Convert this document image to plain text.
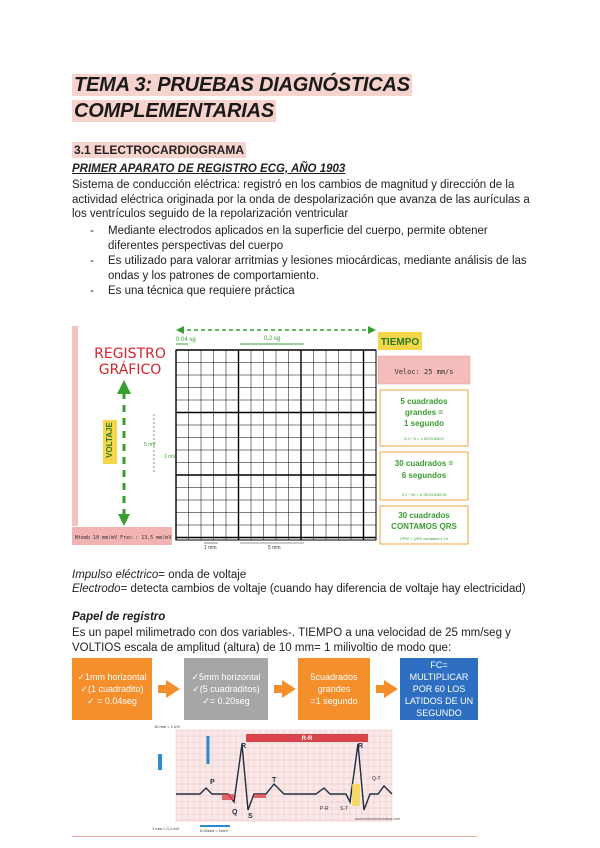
TEMA 3: PRUEBAS DIAGNÓSTICAS
COMPLEMENTARIAS
3.1 ELECTROCARDIOGRAMA
PRIMER APARATO DE REGISTRO ECG, AÑO 1903
Sistema de conducción eléctrica: registró en los cambios de magnitud y dirección de la
actividad eléctrica originada por la onda de despolarización que avanza de las aurículas a
los ventrículos seguido de la repolarización ventricular
- Mediante electrodos aplicados en la superficie del cuerpo, permite obtener diferentes perspectivas del cuerpo
- Es utilizado para valorar arritmias y lesiones miocárdicas, mediante análisis de las ondas y los patrones de comportamiento.
- Es una técnica que requiere práctica
Ntemb 10 mm/mV Frec.: 13,5 mm/mV
REGISTRO
GRÁFICO
VOLTAJE
0.04 sg	0,2 sg
5 mV
1 mV
1 mm	5 mm
TIEMPO
Veloc: 25 mm/s
5 cuadrados
grandes =
1 segundo
0,2 * 5 = 1 SEGUNDO
30 cuadrados =
6 segundos
0,2 * 30 = 6 SEGUNDOS
30 cuadrados
CONTAMOS QRS
CPM = QRS contados x 10
Impulso eléctrico= onda de voltaje
Electrodo= detecta cambios de voltaje (cuando hay diferencia de voltaje hay electricidad)
Papel de registro
Es un papel milimetrado con dos variables-. TIEMPO a una velocidad de 25 mm/seg y
VOLTIOS escala de amplitud (altura) de 10 mm= 1 milivoltio de modo que:
✓1mm horizontal
✓(1 cuadradito)
✓ = 0.04seg
✓5mm horizontal
✓(5 cuadraditos)
✓= 0.20seg
5cuadrados
grandes
=1 segundo
FC= MULTIPLICAR
POR 60 LOS
LATIDOS DE UN
SEGUNDO
10 mm = 1 mV
R-R
R	R
P	T
Q
S
Q-T
P-R S-T
1 mm = 0,1 mV	0,04seg = 1mm
www.enfermeriacreativa.com
